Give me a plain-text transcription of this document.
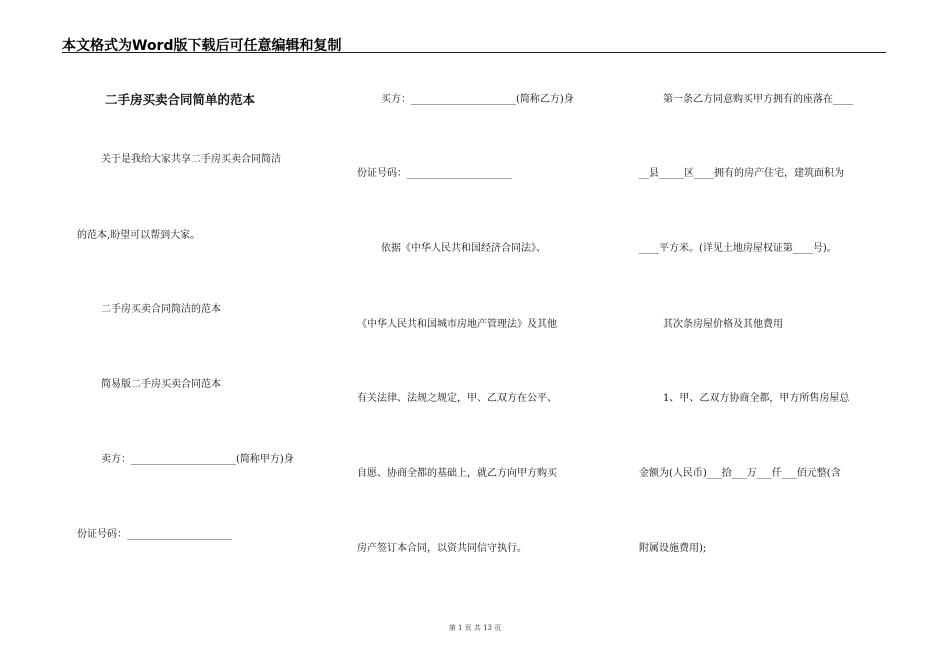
本文格式为Word版下载后可任意编辑和复制
二手房买卖合同简单的范本
关于是我给大家共享二手房买卖合同简洁
的范本,盼望可以帮到大家。
二手房买卖合同简洁的范本
简易版二手房买卖合同范本
卖方：_____________________(简称甲方)身
份证号码：_____________________
买方：_____________________(简称乙方)身
份证号码：_____________________
依据《中华人民共和国经济合同法》、
《中华人民共和国城市房地产管理法》及其他
有关法律、法规之规定，甲、乙双方在公平、
自愿、协商全都的基础上，就乙方向甲方购买
房产签订本合同，以资共同信守执行。
第一条乙方同意购买甲方拥有的座落在____
__县_____区____拥有的房产住宅，建筑面积为
____平方米。(详见土地房屋权证第____号)。
其次条房屋价格及其他费用
1、甲、乙双方协商全都，甲方所售房屋总
金额为(人民币)___拾___万___仟___佰元整(含
附属设施费用);
第 1 页 共 13 页
